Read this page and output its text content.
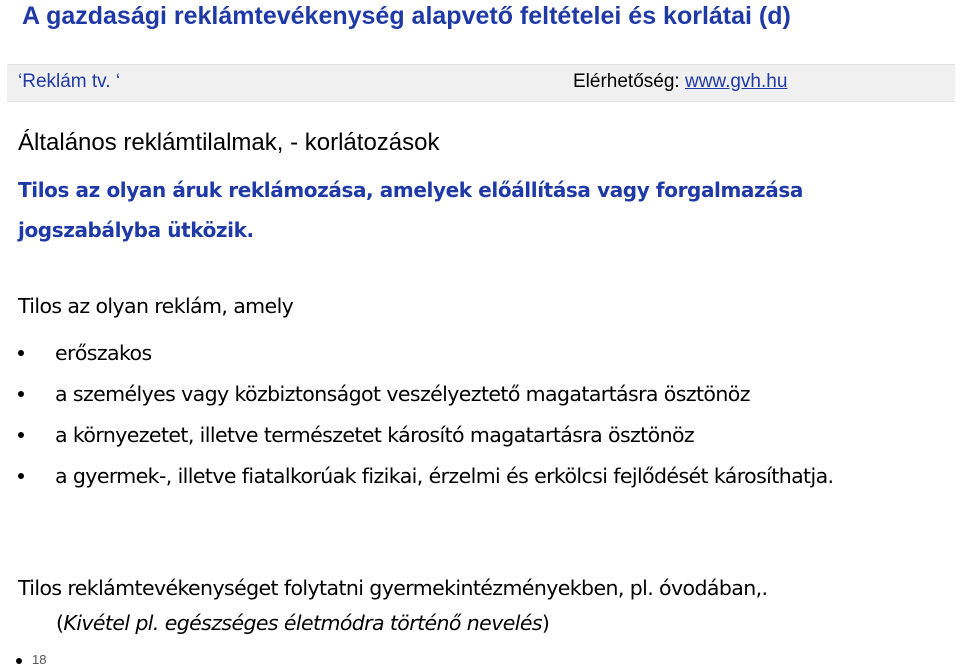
A gazdasági reklámtevékenység alapvető feltételei és korlátai (d)
‘Reklám tv. ‘	Elérhetőség: www.gvh.hu
Általános reklámtilalmak, - korlátozások
Tilos az olyan áruk reklámozása, amelyek előállítása vagy forgalmazása jogszabályba ütközik.
Tilos az olyan reklám, amely
erőszakos
a személyes vagy közbiztonságot veszélyeztető magatartásra ösztönöz
a környezetet, illetve természetet károsító magatartásra ösztönöz
a gyermek-, illetve fiatalkorúak fizikai, érzelmi és erkölcsi fejlődését károsíthatja.
Tilos reklámtevékenységet folytatni gyermekintézményekben, pl. óvodában,.
(Kivétel pl. egészséges életmódra történő nevelés)
18
